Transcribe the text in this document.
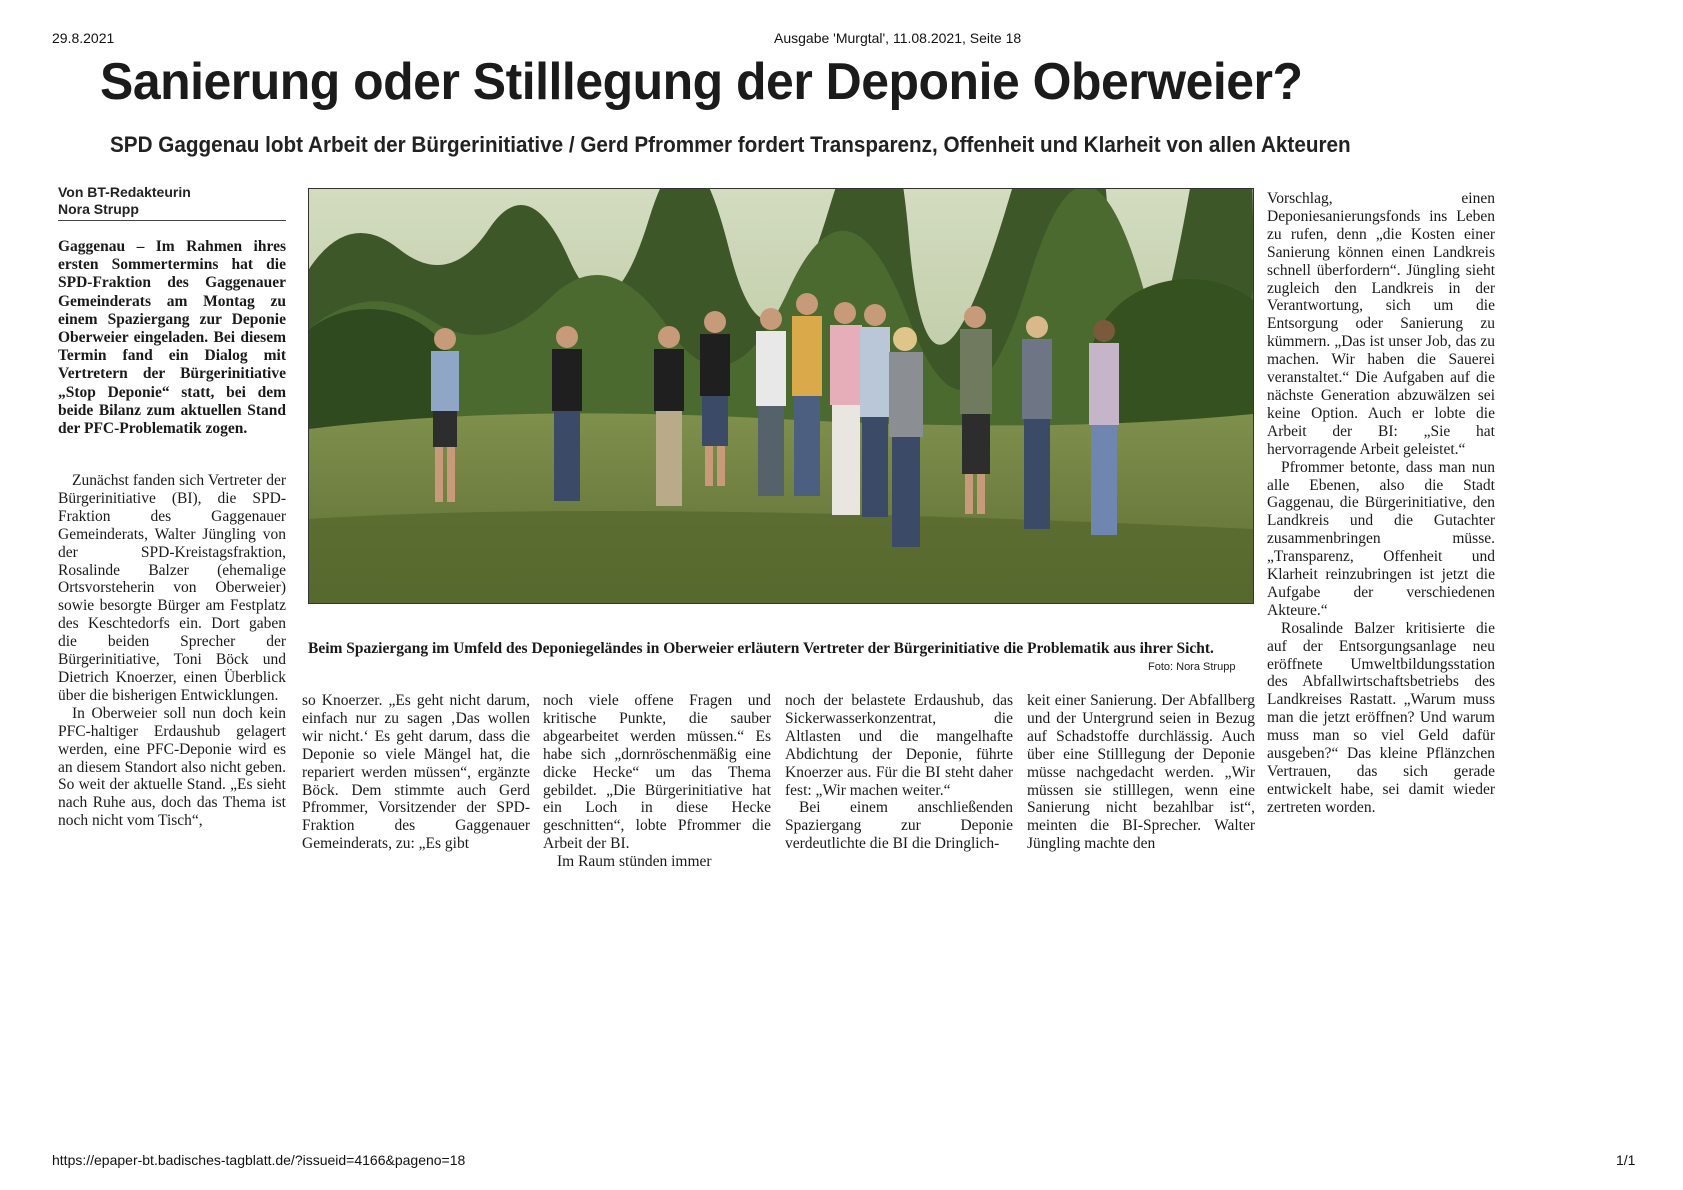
29.8.2021	Ausgabe 'Murgtal', 11.08.2021, Seite 18
Sanierung oder Stilllegung der Deponie Oberweier?
SPD Gaggenau lobt Arbeit der Bürgerinitiative / Gerd Pfrommer fordert Transparenz, Offenheit und Klarheit von allen Akteuren
Von BT-Redakteurin
Nora Strupp
Gaggenau – Im Rahmen ihres ersten Sommertermins hat die SPD-Fraktion des Gaggenauer Gemeinderats am Montag zu einem Spaziergang zur Deponie Oberweier eingeladen. Bei diesem Termin fand ein Dialog mit Vertretern der Bürgerinitiative „Stop Deponie“ statt, bei dem beide Bilanz zum aktuellen Stand der PFC-Problematik zogen.

Zunächst fanden sich Vertreter der Bürgerinitiative (BI), die SPD-Fraktion des Gaggenauer Gemeinderats, Walter Jüngling von der SPD-Kreistagsfraktion, Rosalinde Balzer (ehemalige Ortsvorsteherin von Oberweier) sowie besorgte Bürger am Festplatz des Keschtedorfs ein. Dort gaben die beiden Sprecher der Bürgerinitiative, Toni Böck und Dietrich Knoerzer, einen Überblick über die bisherigen Entwicklungen.

In Oberweier soll nun doch kein PFC-haltiger Erdaushub gelagert werden, eine PFC-Deponie wird es an diesem Standort also nicht geben. So weit der aktuelle Stand. „Es sieht nach Ruhe aus, doch das Thema ist noch nicht vom Tisch“,

Beim Spaziergang im Umfeld des Deponiegeländes in Oberweier erläutern Vertreter der Bürgerinitiative die Problematik aus ihrer Sicht.
Foto: Nora Strupp

so Knoerzer. „Es geht nicht darum, einfach nur zu sagen ‚Das wollen wir nicht.‘ Es geht darum, dass die Deponie so viele Mängel hat, die repariert werden müssen“, ergänzte Böck. Dem stimmte auch Gerd Pfrommer, Vorsitzender der SPD-Fraktion des Gaggenauer Gemeinderats, zu: „Es gibt

noch viele offene Fragen und kritische Punkte, die sauber abgearbeitet werden müssen.“ Es habe sich „dornröschenmäßig eine dicke Hecke“ um das Thema gebildet. „Die Bürgerinitiative hat ein Loch in diese Hecke geschnitten“, lobte Pfrommer die Arbeit der BI.

Im Raum stünden immer

noch der belastete Erdaushub, das Sickerwasserkonzentrat, die Altlasten und die mangelhafte Abdichtung der Deponie, führte Knoerzer aus. Für die BI steht daher fest: „Wir machen weiter.“

Bei einem anschließenden Spaziergang zur Deponie verdeutlichte die BI die Dringlich-

keit einer Sanierung. Der Abfallberg und der Untergrund seien in Bezug auf Schadstoffe durchlässig. Auch über eine Stilllegung der Deponie müsse nachgedacht werden. „Wir müssen sie stilllegen, wenn eine Sanierung nicht bezahlbar ist“, meinten die BI-Sprecher. Walter Jüngling machte den

Vorschlag, einen Deponiesanierungsfonds ins Leben zu rufen, denn „die Kosten einer Sanierung können einen Landkreis schnell überfordern“. Jüngling sieht zugleich den Landkreis in der Verantwortung, sich um die Entsorgung oder Sanierung zu kümmern. „Das ist unser Job, das zu machen. Wir haben die Sauerei veranstaltet.“ Die Aufgaben auf die nächste Generation abzuwälzen sei keine Option. Auch er lobte die Arbeit der BI: „Sie hat hervorragende Arbeit geleistet.“

Pfrommer betonte, dass man nun alle Ebenen, also die Stadt Gaggenau, die Bürgerinitiative, den Landkreis und die Gutachter zusammenbringen müsse. „Transparenz, Offenheit und Klarheit reinzubringen ist jetzt die Aufgabe der verschiedenen Akteure.“

Rosalinde Balzer kritisierte die auf der Entsorgungsanlage neu eröffnete Umweltbildungsstation des Abfallwirtschaftsbetriebs des Landkreises Rastatt. „Warum muss man die jetzt eröffnen? Und warum muss man so viel Geld dafür ausgeben?“ Das kleine Pflänzchen Vertrauen, das sich gerade entwickelt habe, sei damit wieder zertreten worden.

https://epaper-bt.badisches-tagblatt.de/?issueid=4166&pageno=18	1/1
